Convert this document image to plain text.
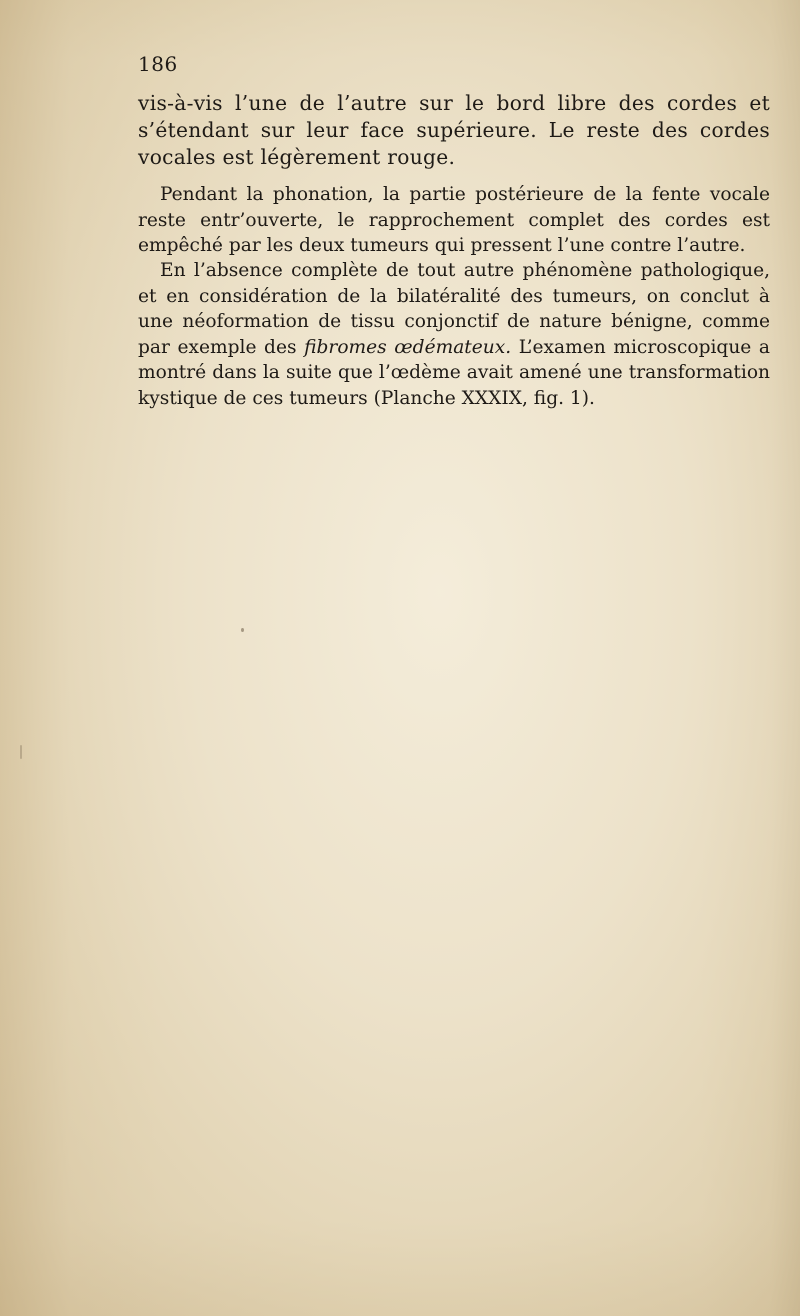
186

vis-à-vis l’une de l’autre sur le bord libre des cordes et s’étendant sur leur face supérieure. Le reste des cordes vocales est légèrement rouge.

Pendant la phonation, la partie postérieure de la fente vocale reste entr’ouverte, le rapprochement complet des cordes est empêché par les deux tumeurs qui pressent l’une contre l’autre.

En l’absence complète de tout autre phénomène pathologique, et en considération de la bilatéralité des tumeurs, on conclut à une néoformation de tissu conjonctif de nature bénigne, comme par exemple des fibromes œdémateux. L’examen microscopique a montré dans la suite que l’œdème avait amené une transformation kystique de ces tumeurs (Planche XXXIX, fig. 1).
